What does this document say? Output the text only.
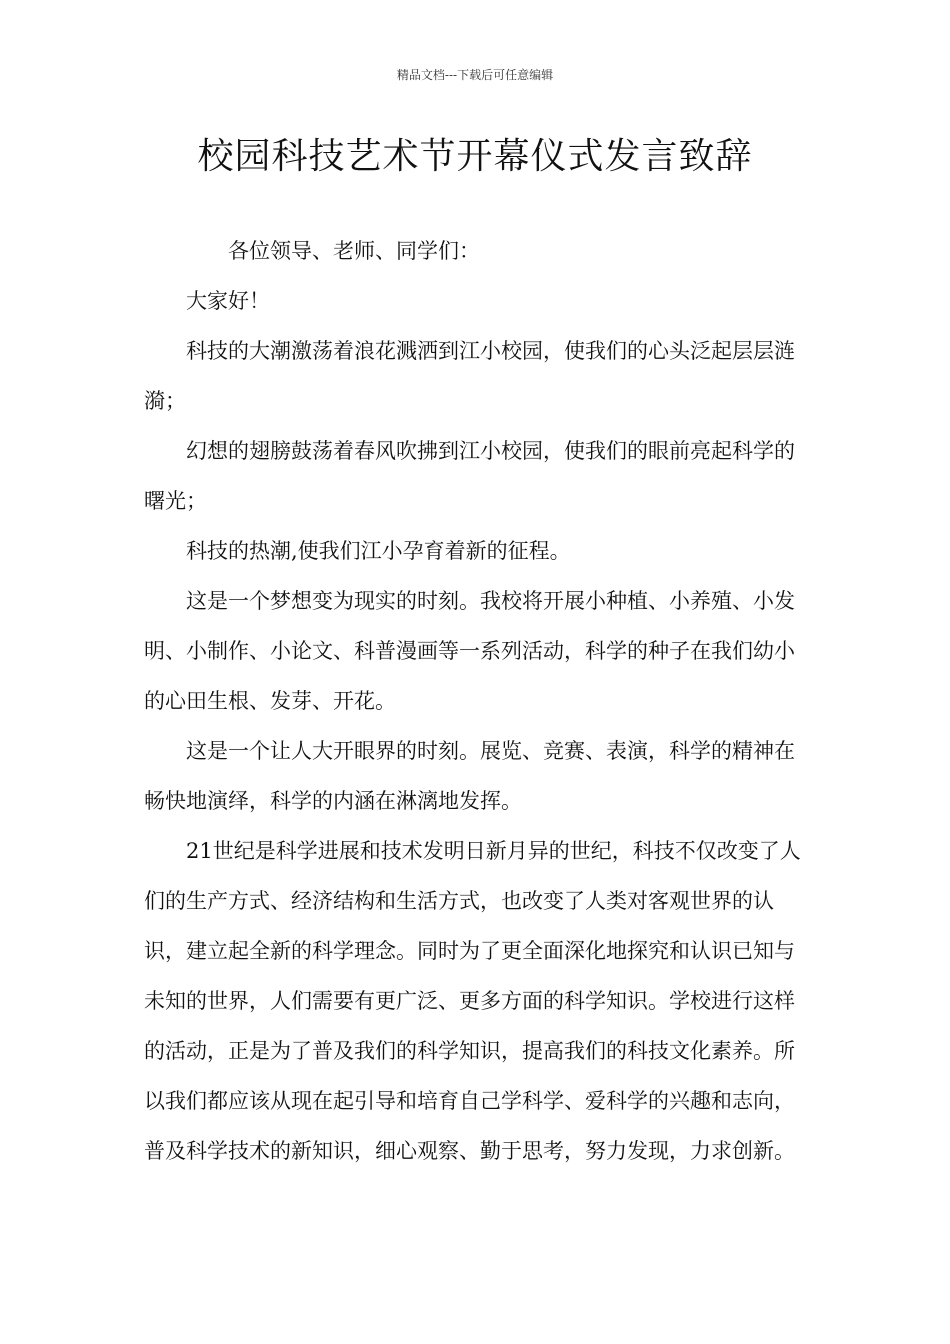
精品文档---下载后可任意编辑
校园科技艺术节开幕仪式发言致辞

各位领导、老师、同学们：

大家好！

科技的大潮激荡着浪花溅洒到江小校园，使我们的心头泛起层层涟漪；

幻想的翅膀鼓荡着春风吹拂到江小校园，使我们的眼前亮起科学的曙光；

科技的热潮,使我们江小孕育着新的征程。

这是一个梦想变为现实的时刻。我校将开展小种植、小养殖、小发明、小制作、小论文、科普漫画等一系列活动，科学的种子在我们幼小的心田生根、发芽、开花。

这是一个让人大开眼界的时刻。展览、竞赛、表演，科学的精神在畅快地演绎，科学的内涵在淋漓地发挥。

21世纪是科学进展和技术发明日新月异的世纪，科技不仅改变了人们的生产方式、经济结构和生活方式，也改变了人类对客观世界的认识，建立起全新的科学理念。同时为了更全面深化地探究和认识已知与未知的世界，人们需要有更广泛、更多方面的科学知识。学校进行这样的活动，正是为了普及我们的科学知识，提高我们的科技文化素养。所以我们都应该从现在起引导和培育自己学科学、爱科学的兴趣和志向，普及科学技术的新知识，细心观察、勤于思考，努力发现，力求创新。
